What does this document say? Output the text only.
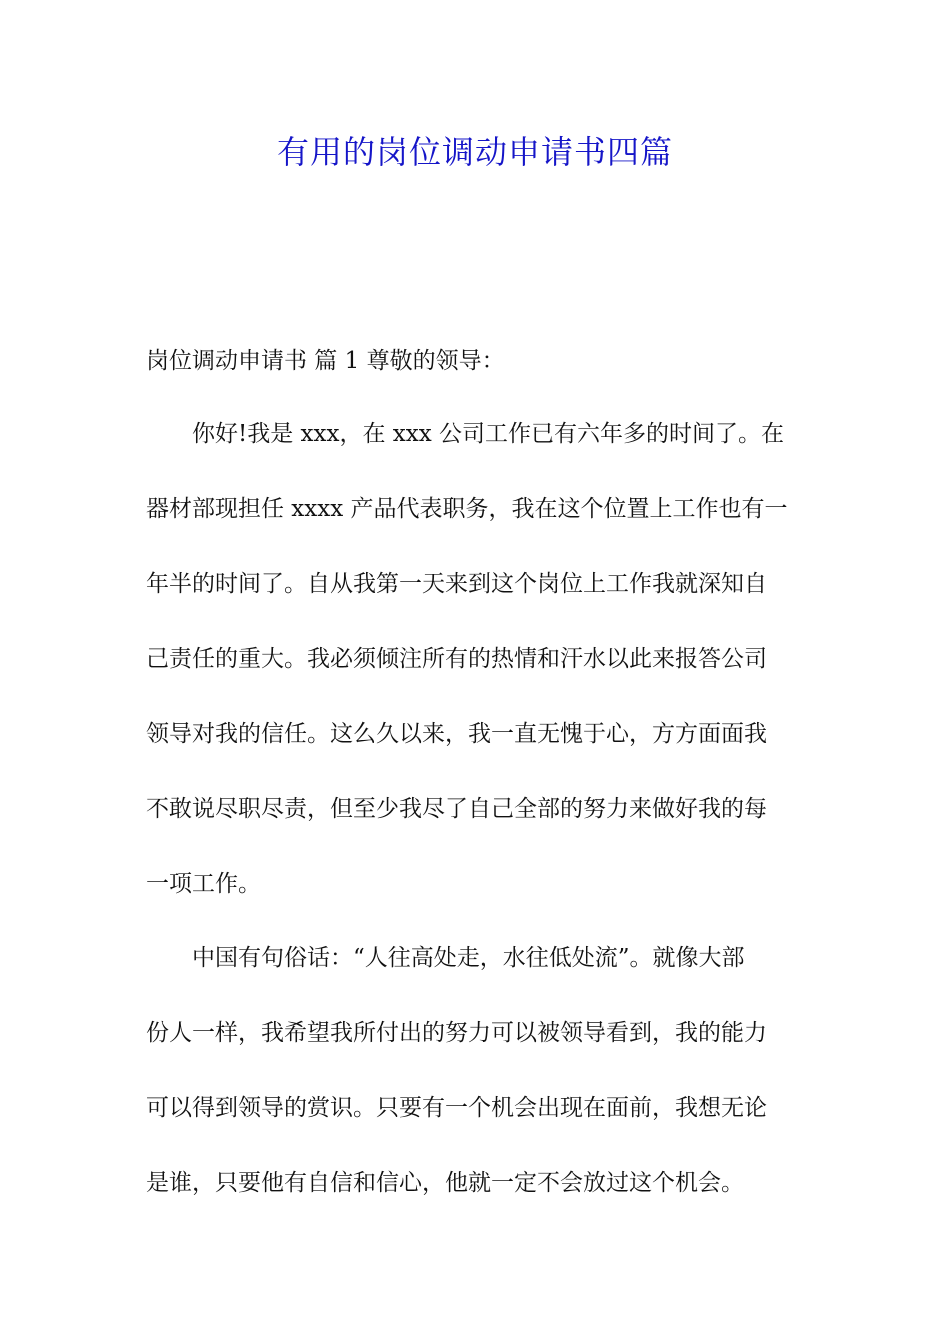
有用的岗位调动申请书四篇
岗位调动申请书 篇 1 尊敬的领导：
你好!我是 xxx，在 xxx 公司工作已有六年多的时间了。在
器材部现担任 xxxx 产品代表职务，我在这个位置上工作也有一
年半的时间了。自从我第一天来到这个岗位上工作我就深知自
己责任的重大。我必须倾注所有的热情和汗水以此来报答公司
领导对我的信任。这么久以来，我一直无愧于心，方方面面我
不敢说尽职尽责，但至少我尽了自己全部的努力来做好我的每
一项工作。
中国有句俗话：“人往高处走，水往低处流”。就像大部
份人一样，我希望我所付出的努力可以被领导看到，我的能力
可以得到领导的赏识。只要有一个机会出现在面前，我想无论
是谁，只要他有自信和信心，他就一定不会放过这个机会。
